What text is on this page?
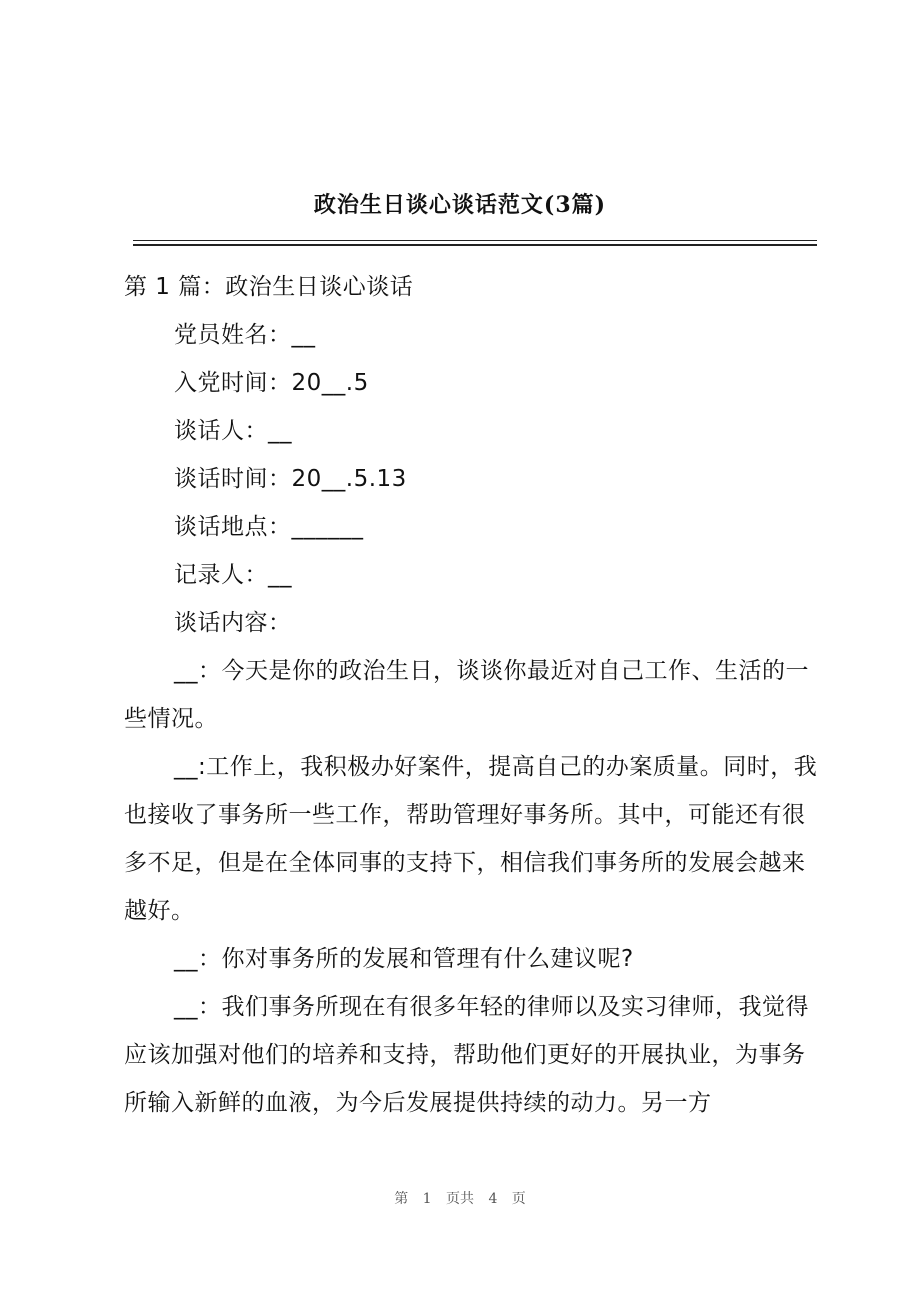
政治生日谈心谈话范文(3篇)

第 1 篇：政治生日谈心谈话

党员姓名：__

入党时间：20__.5

谈话人：__

谈话时间：20__.5.13

谈话地点：______

记录人：__

谈话内容：

__：今天是你的政治生日，谈谈你最近对自己工作、生活的一些情况。

__:工作上，我积极办好案件，提高自己的办案质量。同时，我也接收了事务所一些工作，帮助管理好事务所。其中，可能还有很多不足，但是在全体同事的支持下，相信我们事务所的发展会越来越好。

__：你对事务所的发展和管理有什么建议呢?

__：我们事务所现在有很多年轻的律师以及实习律师，我觉得应该加强对他们的培养和支持，帮助他们更好的开展执业，为事务所输入新鲜的血液，为今后发展提供持续的动力。另一方

第 1 页共 4 页
